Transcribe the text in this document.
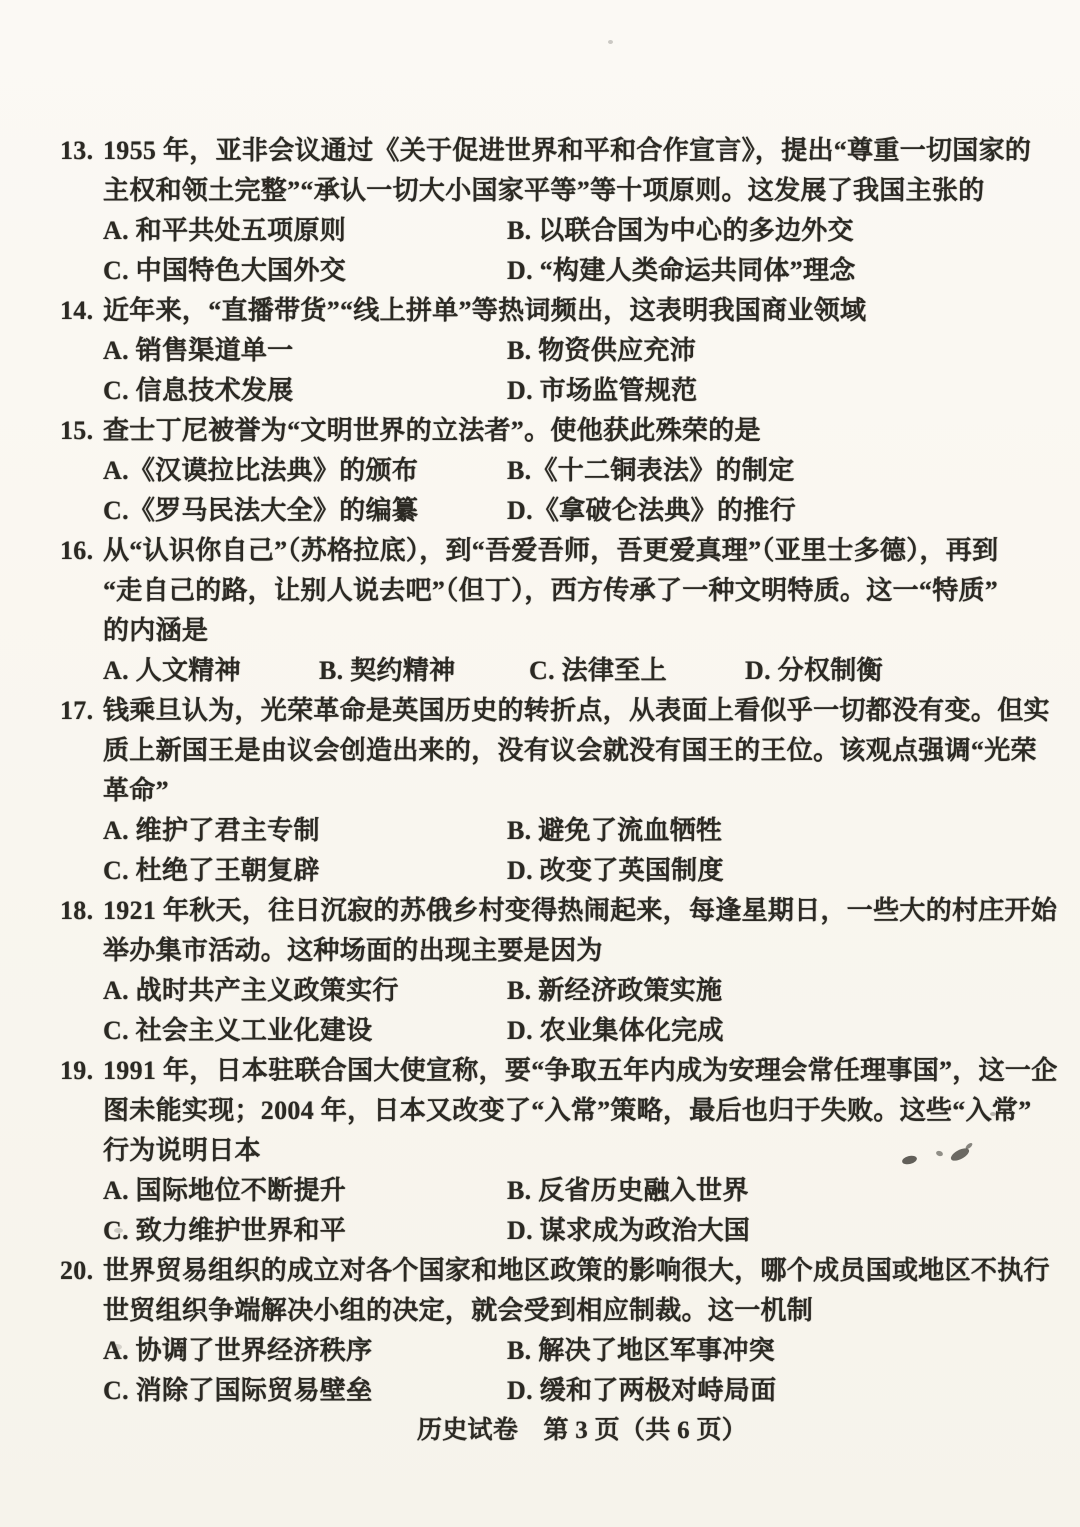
13. 1955 年，亚非会议通过《关于促进世界和平和合作宣言》，提出“尊重一切国家的
主权和领土完整”“承认一切大小国家平等”等十项原则。这发展了我国主张的
A. 和平共处五项原则	B. 以联合国为中心的多边外交
C. 中国特色大国外交	D. “构建人类命运共同体”理念
14. 近年来，“直播带货”“线上拼单”等热词频出，这表明我国商业领域
A. 销售渠道单一	B. 物资供应充沛
C. 信息技术发展	D. 市场监管规范
15. 查士丁尼被誉为“文明世界的立法者”。使他获此殊荣的是
A.《汉谟拉比法典》的颁布	B.《十二铜表法》的制定
C.《罗马民法大全》的编纂	D.《拿破仑法典》的推行
16. 从“认识你自己”（苏格拉底），到“吾爱吾师，吾更爱真理”（亚里士多德），再到
“走自己的路，让别人说去吧”（但丁），西方传承了一种文明特质。这一“特质”
的内涵是
A. 人文精神	B. 契约精神	C. 法律至上	D. 分权制衡
17. 钱乘旦认为，光荣革命是英国历史的转折点，从表面上看似乎一切都没有变。但实
质上新国王是由议会创造出来的，没有议会就没有国王的王位。该观点强调“光荣
革命”
A. 维护了君主专制	B. 避免了流血牺牲
C. 杜绝了王朝复辟	D. 改变了英国制度
18. 1921 年秋天，往日沉寂的苏俄乡村变得热闹起来，每逢星期日，一些大的村庄开始
举办集市活动。这种场面的出现主要是因为
A. 战时共产主义政策实行	B. 新经济政策实施
C. 社会主义工业化建设	D. 农业集体化完成
19. 1991 年，日本驻联合国大使宣称，要“争取五年内成为安理会常任理事国”，这一企
图未能实现；2004 年，日本又改变了“入常”策略，最后也归于失败。这些“入常”
行为说明日本
A. 国际地位不断提升	B. 反省历史融入世界
C. 致力维护世界和平	D. 谋求成为政治大国
20. 世界贸易组织的成立对各个国家和地区政策的影响很大，哪个成员国或地区不执行
世贸组织争端解决小组的决定，就会受到相应制裁。这一机制
A. 协调了世界经济秩序	B. 解决了地区军事冲突
C. 消除了国际贸易壁垒	D. 缓和了两极对峙局面
历史试卷　第 3 页（共 6 页）
